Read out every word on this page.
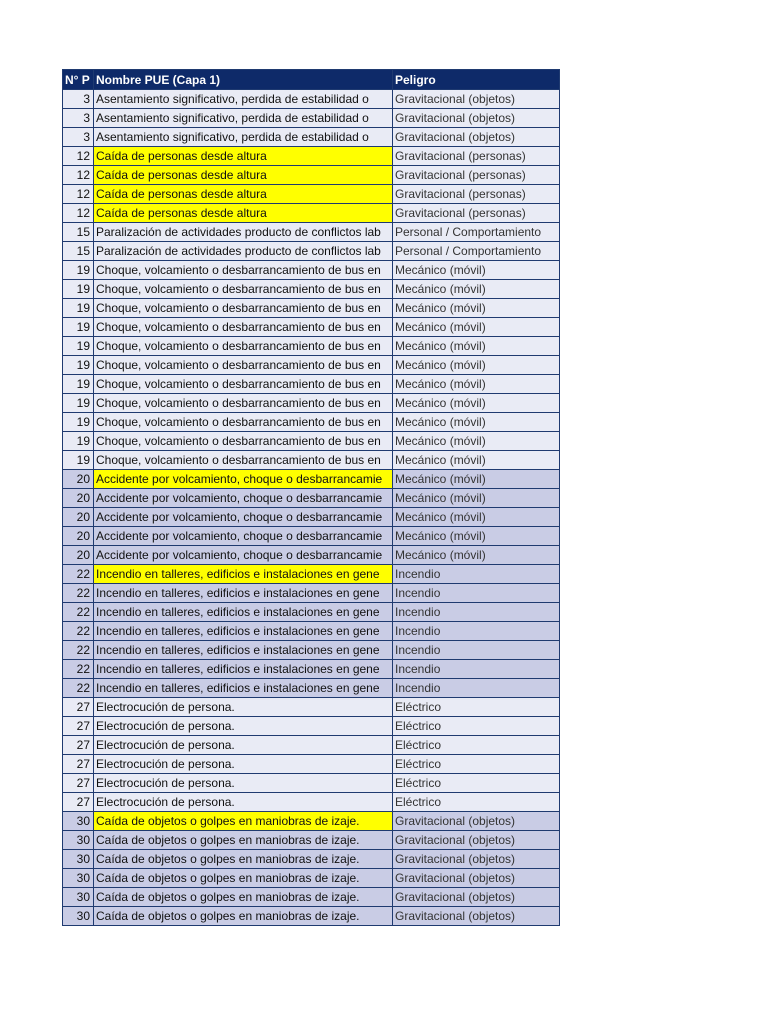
N° P	Nombre PUE (Capa 1)	Peligro
3	Asentamiento significativo, perdida de estabilidad o	Gravitacional (objetos)
3	Asentamiento significativo, perdida de estabilidad o	Gravitacional (objetos)
3	Asentamiento significativo, perdida de estabilidad o	Gravitacional (objetos)
12	Caída de personas desde altura	Gravitacional (personas)
12	Caída de personas desde altura	Gravitacional (personas)
12	Caída de personas desde altura	Gravitacional (personas)
12	Caída de personas desde altura	Gravitacional (personas)
15	Paralización de actividades producto de conflictos lab	Personal / Comportamiento
15	Paralización de actividades producto de conflictos lab	Personal / Comportamiento
19	Choque, volcamiento o desbarrancamiento de bus en	Mecánico (móvil)
19	Choque, volcamiento o desbarrancamiento de bus en	Mecánico (móvil)
19	Choque, volcamiento o desbarrancamiento de bus en	Mecánico (móvil)
19	Choque, volcamiento o desbarrancamiento de bus en	Mecánico (móvil)
19	Choque, volcamiento o desbarrancamiento de bus en	Mecánico (móvil)
19	Choque, volcamiento o desbarrancamiento de bus en	Mecánico (móvil)
19	Choque, volcamiento o desbarrancamiento de bus en	Mecánico (móvil)
19	Choque, volcamiento o desbarrancamiento de bus en	Mecánico (móvil)
19	Choque, volcamiento o desbarrancamiento de bus en	Mecánico (móvil)
19	Choque, volcamiento o desbarrancamiento de bus en	Mecánico (móvil)
19	Choque, volcamiento o desbarrancamiento de bus en	Mecánico (móvil)
20	Accidente por volcamiento, choque o desbarrancamie	Mecánico (móvil)
20	Accidente por volcamiento, choque o desbarrancamie	Mecánico (móvil)
20	Accidente por volcamiento, choque o desbarrancamie	Mecánico (móvil)
20	Accidente por volcamiento, choque o desbarrancamie	Mecánico (móvil)
20	Accidente por volcamiento, choque o desbarrancamie	Mecánico (móvil)
22	Incendio en talleres, edificios e instalaciones en gene	Incendio
22	Incendio en talleres, edificios e instalaciones en gene	Incendio
22	Incendio en talleres, edificios e instalaciones en gene	Incendio
22	Incendio en talleres, edificios e instalaciones en gene	Incendio
22	Incendio en talleres, edificios e instalaciones en gene	Incendio
22	Incendio en talleres, edificios e instalaciones en gene	Incendio
22	Incendio en talleres, edificios e instalaciones en gene	Incendio
27	Electrocución de persona.	Eléctrico
27	Electrocución de persona.	Eléctrico
27	Electrocución de persona.	Eléctrico
27	Electrocución de persona.	Eléctrico
27	Electrocución de persona.	Eléctrico
27	Electrocución de persona.	Eléctrico
30	Caída de objetos o golpes en maniobras de izaje.	Gravitacional (objetos)
30	Caída de objetos o golpes en maniobras de izaje.	Gravitacional (objetos)
30	Caída de objetos o golpes en maniobras de izaje.	Gravitacional (objetos)
30	Caída de objetos o golpes en maniobras de izaje.	Gravitacional (objetos)
30	Caída de objetos o golpes en maniobras de izaje.	Gravitacional (objetos)
30	Caída de objetos o golpes en maniobras de izaje.	Gravitacional (objetos)
